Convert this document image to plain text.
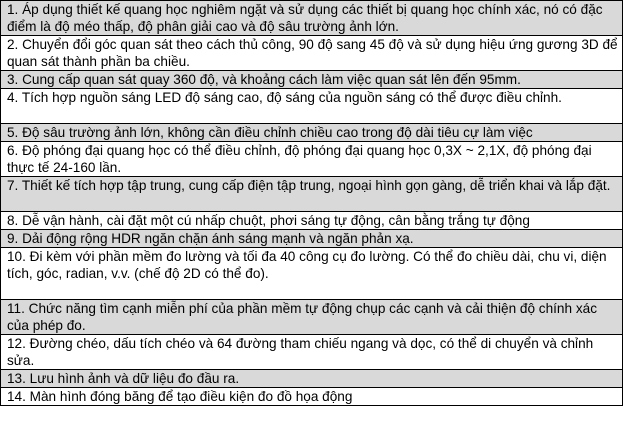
1. Áp dụng thiết kế quang học nghiêm ngặt và sử dụng các thiết bị quang học chính xác, nó có đặc điểm là độ méo thấp, độ phân giải cao và độ sâu trường ảnh lớn.
2. Chuyển đổi góc quan sát theo cách thủ công, 90 độ sang 45 độ và sử dụng hiệu ứng gương 3D để quan sát thành phần ba chiều.
3. Cung cấp quan sát quay 360 độ, và khoảng cách làm việc quan sát lên đến 95mm.
4. Tích hợp nguồn sáng LED độ sáng cao, độ sáng của nguồn sáng có thể được điều chỉnh.
5. Độ sâu trường ảnh lớn, không cần điều chỉnh chiều cao trong độ dài tiêu cự làm việc
6. Độ phóng đại quang học có thể điều chỉnh, độ phóng đại quang học 0,3X ~ 2,1X, độ phóng đại thực tế 24-160 lần.
7. Thiết kế tích hợp tập trung, cung cấp điện tập trung, ngoại hình gọn gàng, dễ triển khai và lắp đặt.
8. Dễ vận hành, cài đặt một cú nhấp chuột, phơi sáng tự động, cân bằng trắng tự động
9. Dải động rộng HDR ngăn chặn ánh sáng mạnh và ngăn phản xạ.
10. Đi kèm với phần mềm đo lường và tối đa 40 công cụ đo lường. Có thể đo chiều dài, chu vi, diện tích, góc, radian, v.v. (chế độ 2D có thể đo).
11. Chức năng tìm cạnh miễn phí của phần mềm tự động chụp các cạnh và cải thiện độ chính xác của phép đo.
12. Đường chéo, dấu tích chéo và 64 đường tham chiếu ngang và dọc, có thể di chuyển và chỉnh sửa.
13. Lưu hình ảnh và dữ liệu đo đầu ra.
14. Màn hình đóng băng để tạo điều kiện đo đồ họa động
